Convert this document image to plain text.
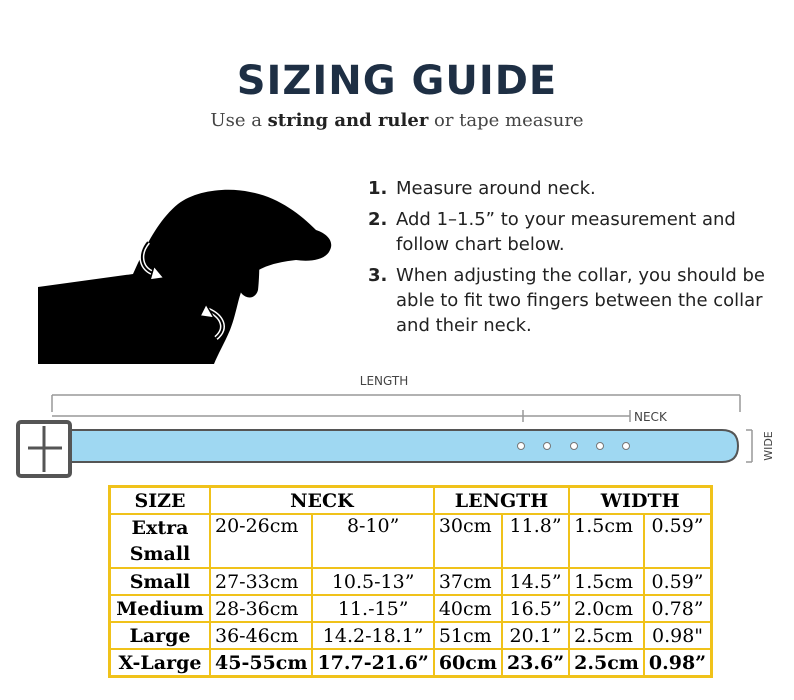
SIZING GUIDE
Use a string and ruler or tape measure
1. Measure around neck.
2. Add 1–1.5” to your measurement and follow chart below.
3. When adjusting the collar, you should be able to fit two fingers between the collar and their neck.
LENGTH
NECK
WIDE
SIZE	NECK		LENGTH		WIDTH	
Extra Small	20-26cm	8-10”	30cm	11.8”	1.5cm	0.59”
Small	27-33cm	10.5-13”	37cm	14.5”	1.5cm	0.59”
Medium	28-36cm	11.-15”	40cm	16.5”	2.0cm	0.78”
Large	36-46cm	14.2-18.1”	51cm	20.1”	2.5cm	0.98"
X-Large	45-55cm	17.7-21.6”	60cm	23.6”	2.5cm	0.98”
